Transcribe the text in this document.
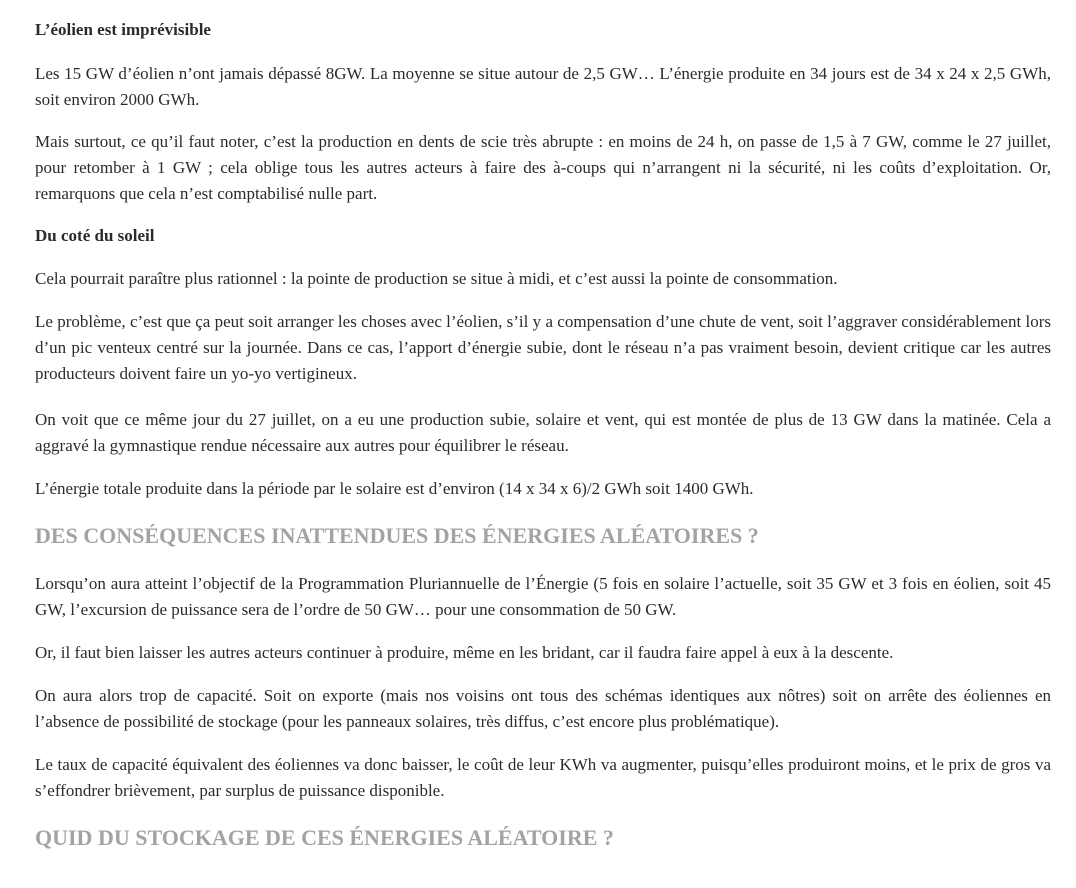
L’éolien est imprévisible

Les 15 GW d’éolien n’ont jamais dépassé 8GW. La moyenne se situe autour de 2,5 GW… L’énergie produite en 34 jours est de 34 x 24 x 2,5 GWh, soit environ 2000 GWh.

Mais surtout, ce qu’il faut noter, c’est la production en dents de scie très abrupte : en moins de 24 h, on passe de 1,5 à 7 GW, comme le 27 juillet, pour retomber à 1 GW ; cela oblige tous les autres acteurs à faire des à-coups qui n’arrangent ni la sécurité, ni les coûts d’exploitation. Or, remarquons que cela n’est comptabilisé nulle part.

Du coté du soleil

Cela pourrait paraître plus rationnel : la pointe de production se situe à midi, et c’est aussi la pointe de consommation.

Le problème, c’est que ça peut soit arranger les choses avec l’éolien, s’il y a compensation d’une chute de vent, soit l’aggraver considérablement lors d’un pic venteux centré sur la journée. Dans ce cas, l’apport d’énergie subie, dont le réseau n’a pas vraiment besoin, devient critique car les autres producteurs doivent faire un yo-yo vertigineux.

On voit que ce même jour du 27 juillet, on a eu une production subie, solaire et vent, qui est montée de plus de 13 GW dans la matinée. Cela a aggravé la gymnastique rendue nécessaire aux autres pour équilibrer le réseau.

L’énergie totale produite dans la période par le solaire est d’environ (14 x 34 x 6)/2 GWh soit 1400 GWh.

DES CONSÉQUENCES INATTENDUES DES ÉNERGIES ALÉATOIRES ?

Lorsqu’on aura atteint l’objectif de la Programmation Pluriannuelle de l’Énergie (5 fois en solaire l’actuelle, soit 35 GW et 3 fois en éolien, soit 45 GW, l’excursion de puissance sera de l’ordre de 50 GW… pour une consommation de 50 GW.

Or, il faut bien laisser les autres acteurs continuer à produire, même en les bridant, car il faudra faire appel à eux à la descente.

On aura alors trop de capacité. Soit on exporte (mais nos voisins ont tous des schémas identiques aux nôtres) soit on arrête des éoliennes en l’absence de possibilité de stockage (pour les panneaux solaires, très diffus, c’est encore plus problématique).

Le taux de capacité équivalent des éoliennes va donc baisser, le coût de leur KWh va augmenter, puisqu’elles produiront moins, et le prix de gros va s’effondrer brièvement, par surplus de puissance disponible.

QUID DU STOCKAGE DE CES ÉNERGIES ALÉATOIRE ?
